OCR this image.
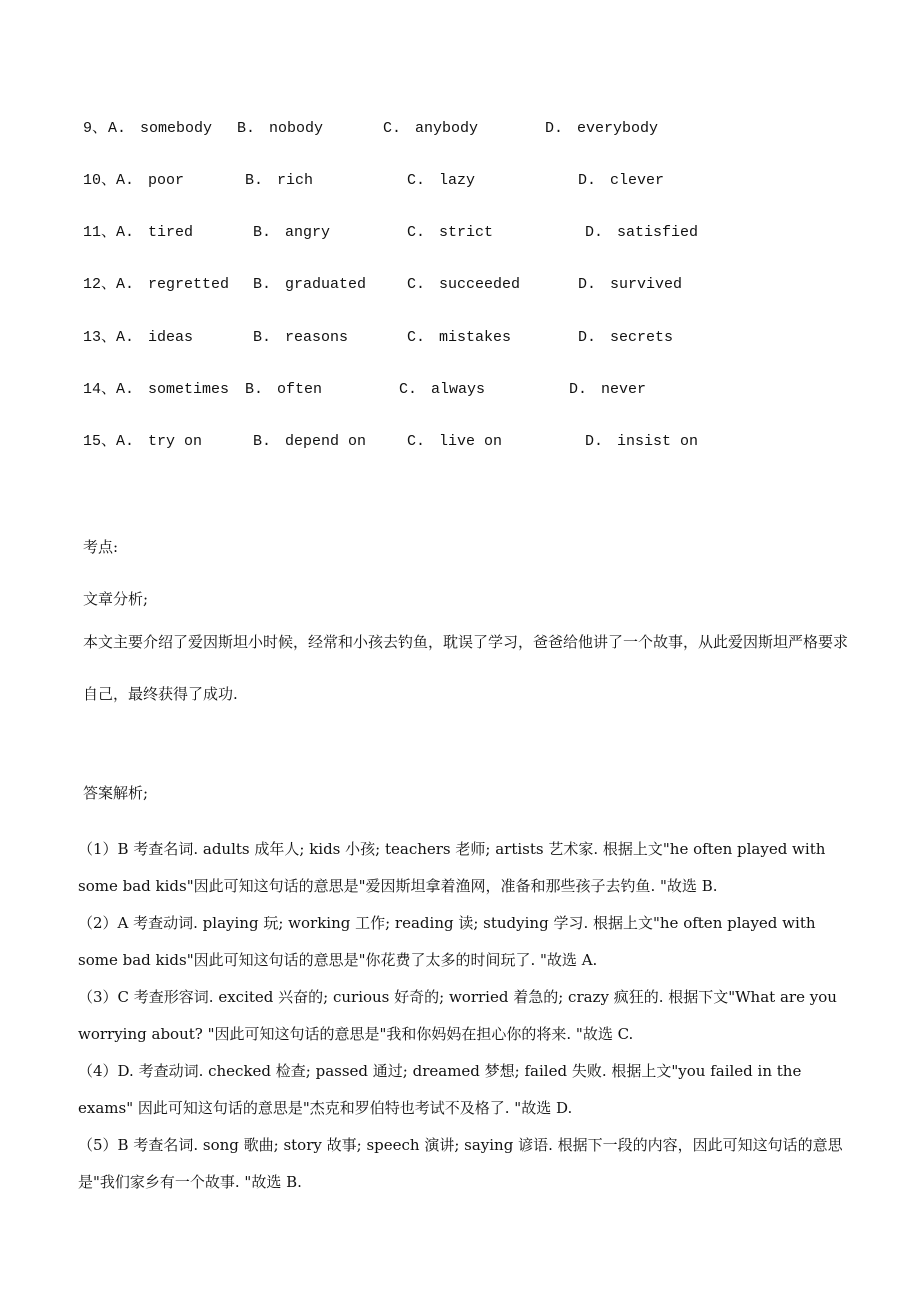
9、 A. somebody B. nobody	C. anybody	D. everybody
10、 A. poor	B. rich	C. lazy	D. clever
11、 A. tired	B. angry	C. strict	D. satisfied
12、 A. regretted B. graduated	C. succeeded	D. survived
13、 A. ideas	B. reasons	C. mistakes	D. secrets
14、 A. sometimes B. often	C. always	D. never
15、 A. try on	B. depend on	C. live on	D. insist on
考点:
文章分析;
本文主要介绍了爱因斯坦小时候，经常和小孩去钓鱼，耽误了学习，爸爸给他讲了一个故事，从此爱因斯坦严格要求自己，最终获得了成功.
答案解析;
（1）B 考查名词. adults 成年人; kids 小孩; teachers 老师; artists 艺术家. 根据上文"he often played with some bad kids"因此可知这句话的意思是"爱因斯坦拿着渔网，准备和那些孩子去钓鱼. "故选 B.
（2）A 考查动词. playing 玩; working 工作; reading 读; studying 学习. 根据上文"he often played with some bad kids"因此可知这句话的意思是"你花费了太多的时间玩了. "故选 A.
（3）C 考查形容词. excited 兴奋的; curious 好奇的; worried 着急的; crazy 疯狂的. 根据下文"What are you worrying about? "因此可知这句话的意思是"我和你妈妈在担心你的将来. "故选 C.
（4）D. 考查动词. checked 检查; passed 通过; dreamed 梦想; failed 失败. 根据上文"you failed in the exams" 因此可知这句话的意思是"杰克和罗伯特也考试不及格了. "故选 D.
（5）B 考查名词. song 歌曲; story 故事; speech 演讲; saying 谚语. 根据下一段的内容，因此可知这句话的意思是"我们家乡有一个故事. "故选 B.
